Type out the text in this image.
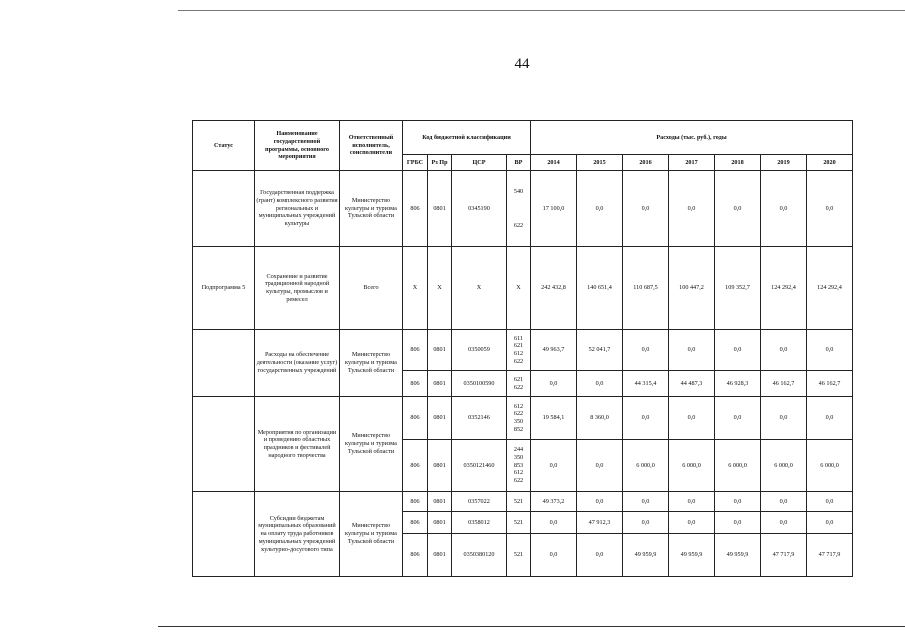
44
Статус	Наименование государственной программы, основного мероприятия	Ответственный исполнитель, соисполнители	Код бюджетной классификации				Расходы (тыс. руб.), годы						
			ГРБС	Рз Пр	ЦСР	ВР	2014	2015	2016	2017	2018	2019	2020
	Государственная поддержка (грант) комплексного развития региональных и муниципальных учреждений культуры	Министерство культуры и туризма Тульской области	806	0801	0345190	540
622	17 100,0	0,0	0,0	0,0	0,0	0,0	0,0
Подпрограмма 5	Сохранение и развитие традиционной народной культуры, промыслов и ремесел	Всего	X	X	X	X	242 432,8	140 651,4	110 687,5	100 447,2	109 352,7	124 292,4	124 292,4
	Расходы на обеспечение деятельности (оказание услуг) государственных учреждений	Министерство культуры и туризма Тульской области	806	0801	0350059	611
621
612
622	49 963,7	52 041,7	0,0	0,0	0,0	0,0	0,0
			806	0801	0350100590	621
622	0,0	0,0	44 315,4	44 487,3	46 928,3	46 162,7	46 162,7
	Мероприятия по организации и проведению областных праздников и фестивалей народного творчества	Министерство культуры и туризма Тульской области	806	0801	0352146	612
622
350
852	19 584,1	8 360,0	0,0	0,0	0,0	0,0	0,0
			806	0801	0350121460	244
350
853
612
622	0,0	0,0	6 000,0	6 000,0	6 000,0	6 000,0	6 000,0
	Субсидии бюджетам муниципальных образований на оплату труда работников муниципальных учреждений культурно-досугового типа	Министерство культуры и туризма Тульской области	806	0801	0357022	521	49 373,2	0,0	0,0	0,0	0,0	0,0	0,0
			806	0801	0358012	521	0,0	47 912,3	0,0	0,0	0,0	0,0	0,0
			806	0801	0350380120	521	0,0	0,0	49 959,9	49 959,9	49 959,9	47 717,9	47 717,9
